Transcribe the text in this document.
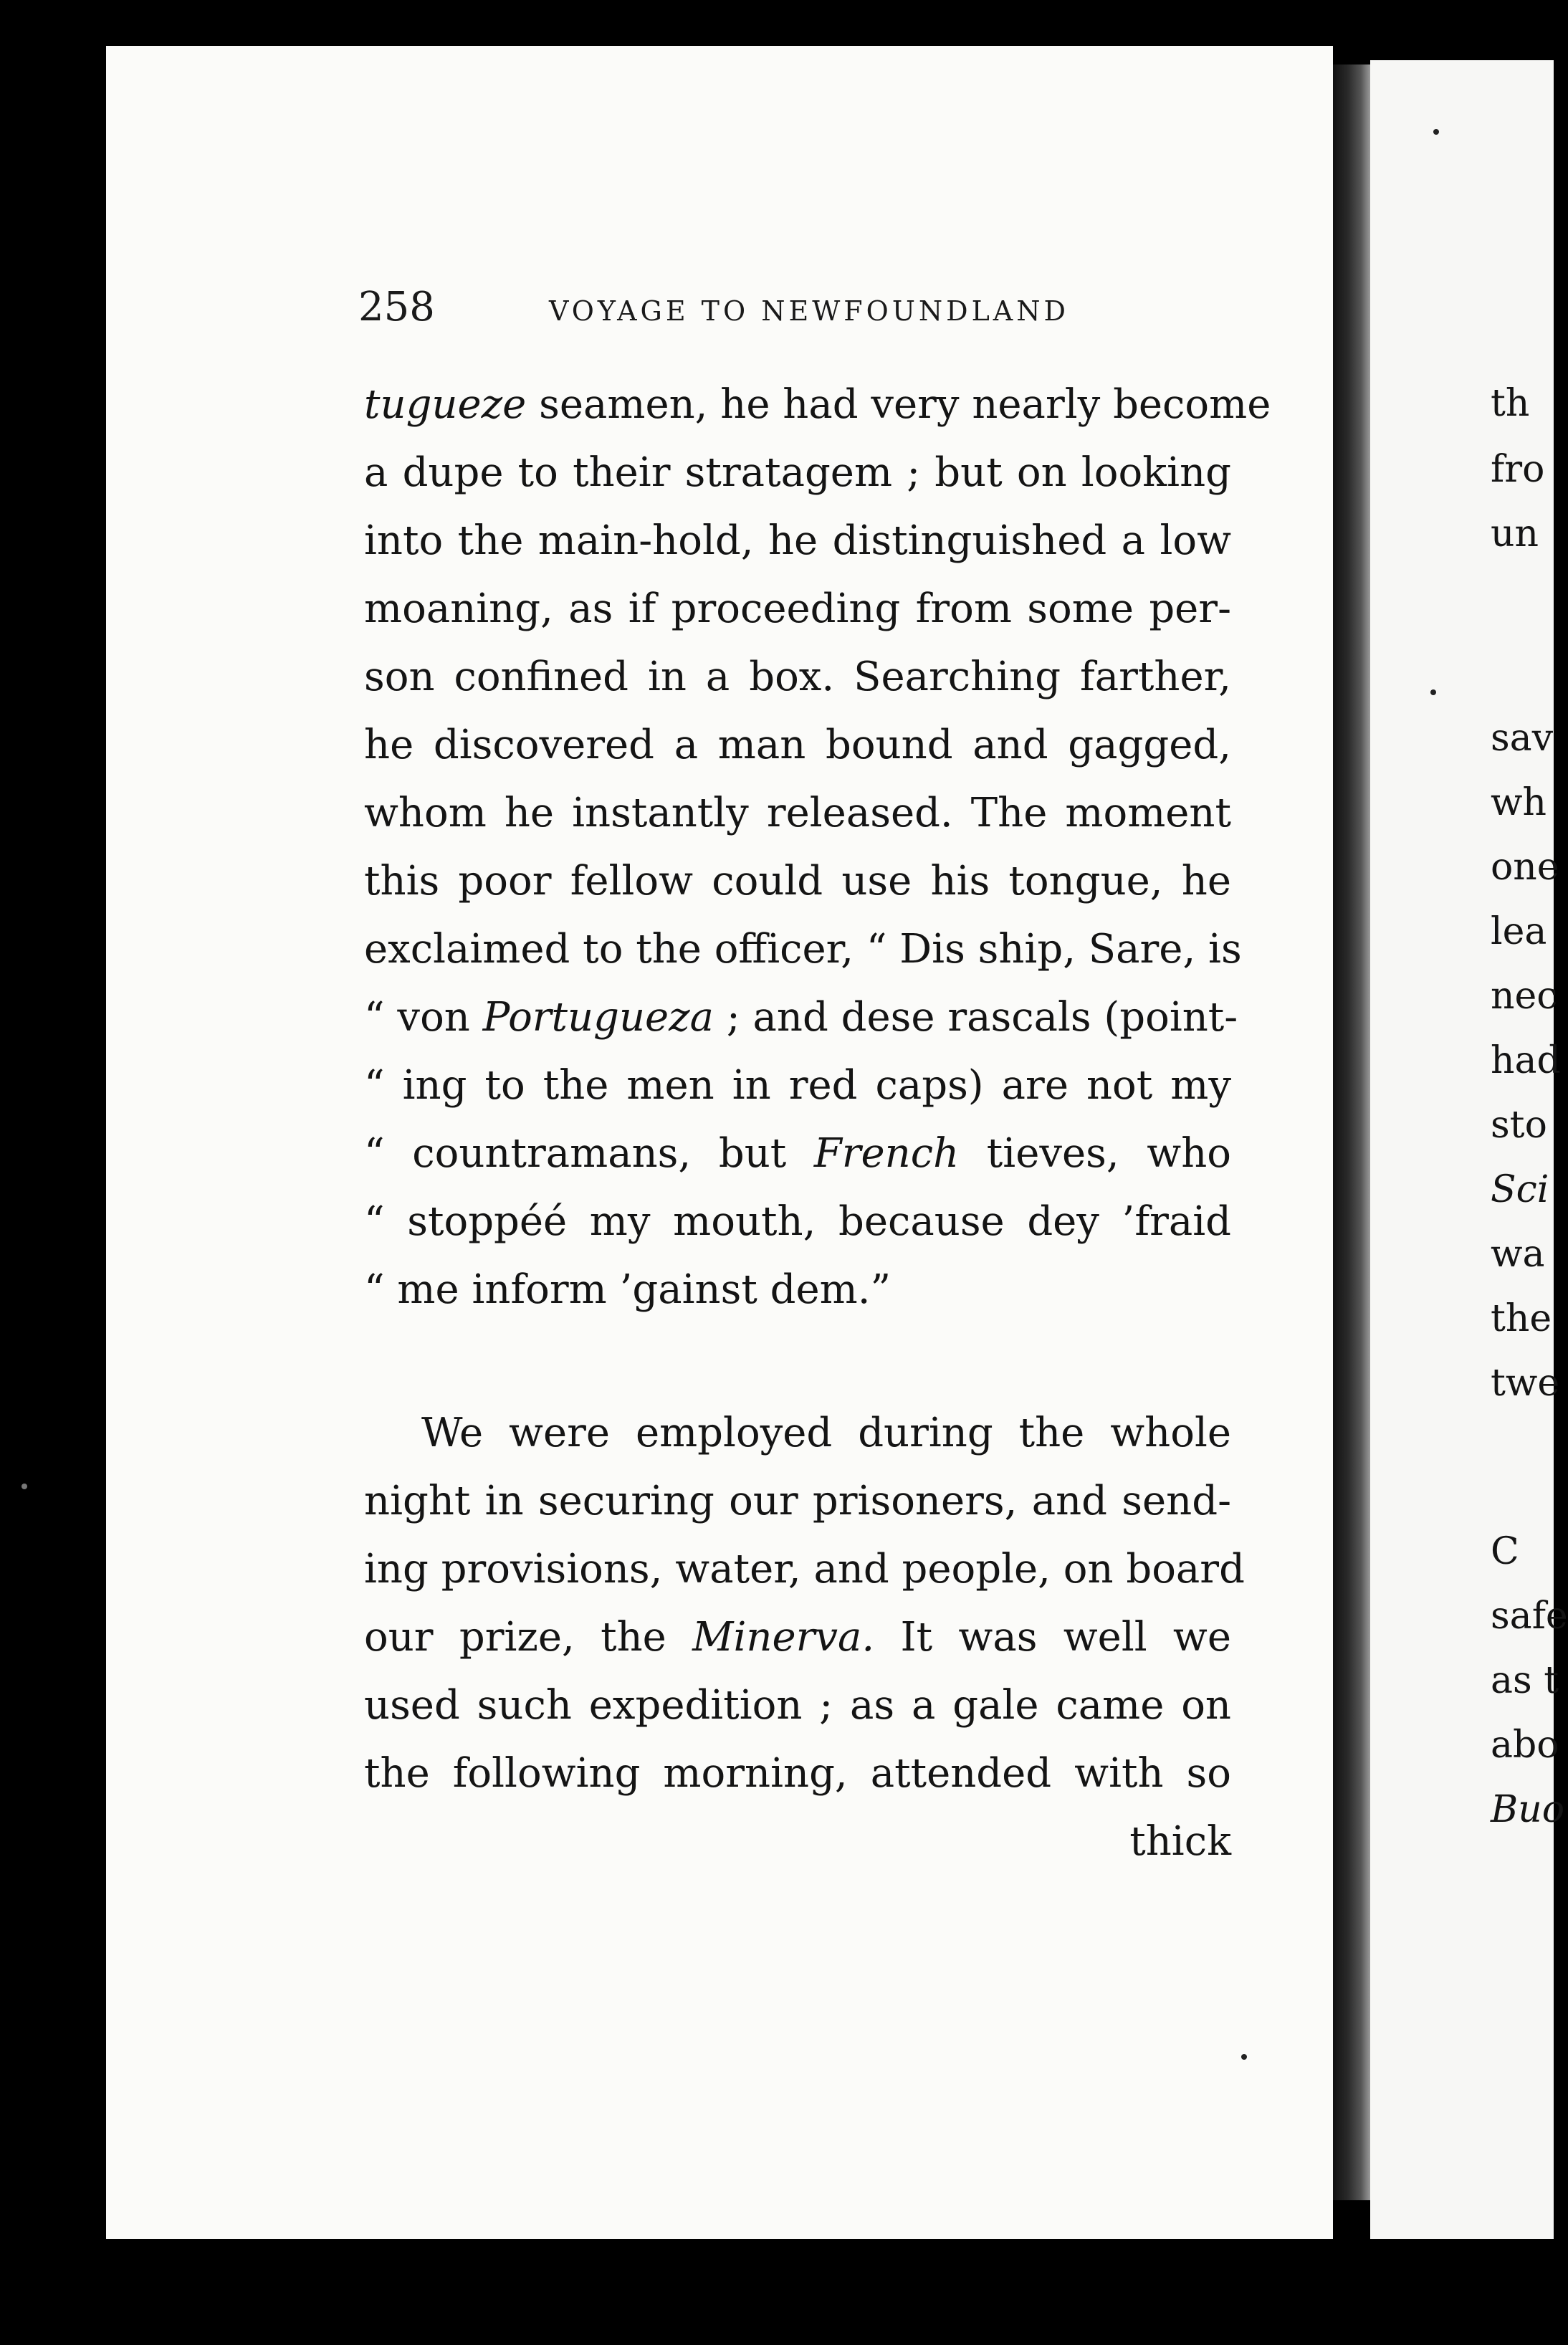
258	VOYAGE TO NEWFOUNDLAND
tugueze seamen, he had very nearly become
a dupe to their stratagem ; but on looking
into the main-hold, he distinguished a low
moaning, as if proceeding from some per-
son confined in a box. Searching farther,
he discovered a man bound and gagged,
whom he instantly released. The moment
this poor fellow could use his tongue, he
exclaimed to the officer, “ Dis ship, Sare, is
“ von Portugueza ; and dese rascals (point-
“ ing to the men in red caps) are not my
“ countramans, but French tieves, who
“ stoppéé my mouth, because dey ’fraid
“ me inform ’gainst dem.”
We were employed during the whole
night in securing our prisoners, and send-
ing provisions, water, and people, on board
our prize, the Minerva. It was well we
used such expedition ; as a gale came on
the following morning, attended with so
thick
th
fro
un
sav
wh
one
lea
nec
had
sto
Sci
wa
the
twe
C
safe
as t
abo
Buo
